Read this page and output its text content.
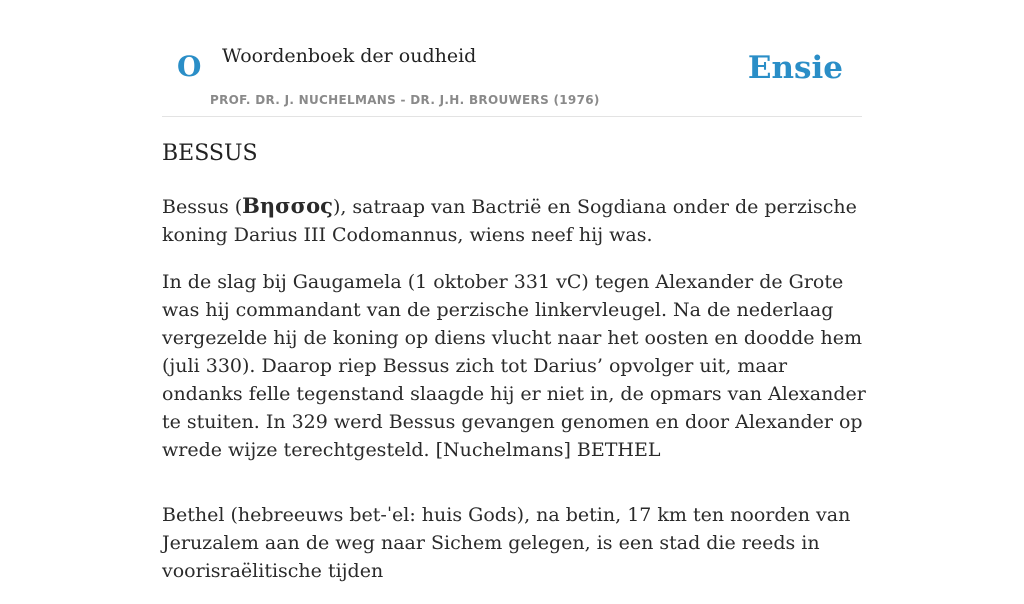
O Woordenboek der oudheid
PROF. DR. J. NUCHELMANS - DR. J.H. BROUWERS (1976)
Ensie
BESSUS

Bessus (Βησσος), satraap van Bactrië en Sogdiana onder de perzische koning Darius III Codomannus, wiens neef hij was.

In de slag bij Gaugamela (1 oktober 331 vC) tegen Alexander de Grote was hij commandant van de perzische linkervleugel. Na de nederlaag vergezelde hij de koning op diens vlucht naar het oosten en doodde hem (juli 330). Daarop riep Bessus zich tot Darius’ opvolger uit, maar ondanks felle tegenstand slaagde hij er niet in, de opmars van Alexander te stuiten. In 329 werd Bessus gevangen genomen en door Alexander op wrede wijze terechtgesteld. [Nuchelmans] BETHEL

Bethel (hebreeuws bet-ˈel: huis Gods), na betin, 17 km ten noorden van Jeruzalem aan de weg naar Sichem gelegen, is een stad die reeds in voorisraëlitische tijden
